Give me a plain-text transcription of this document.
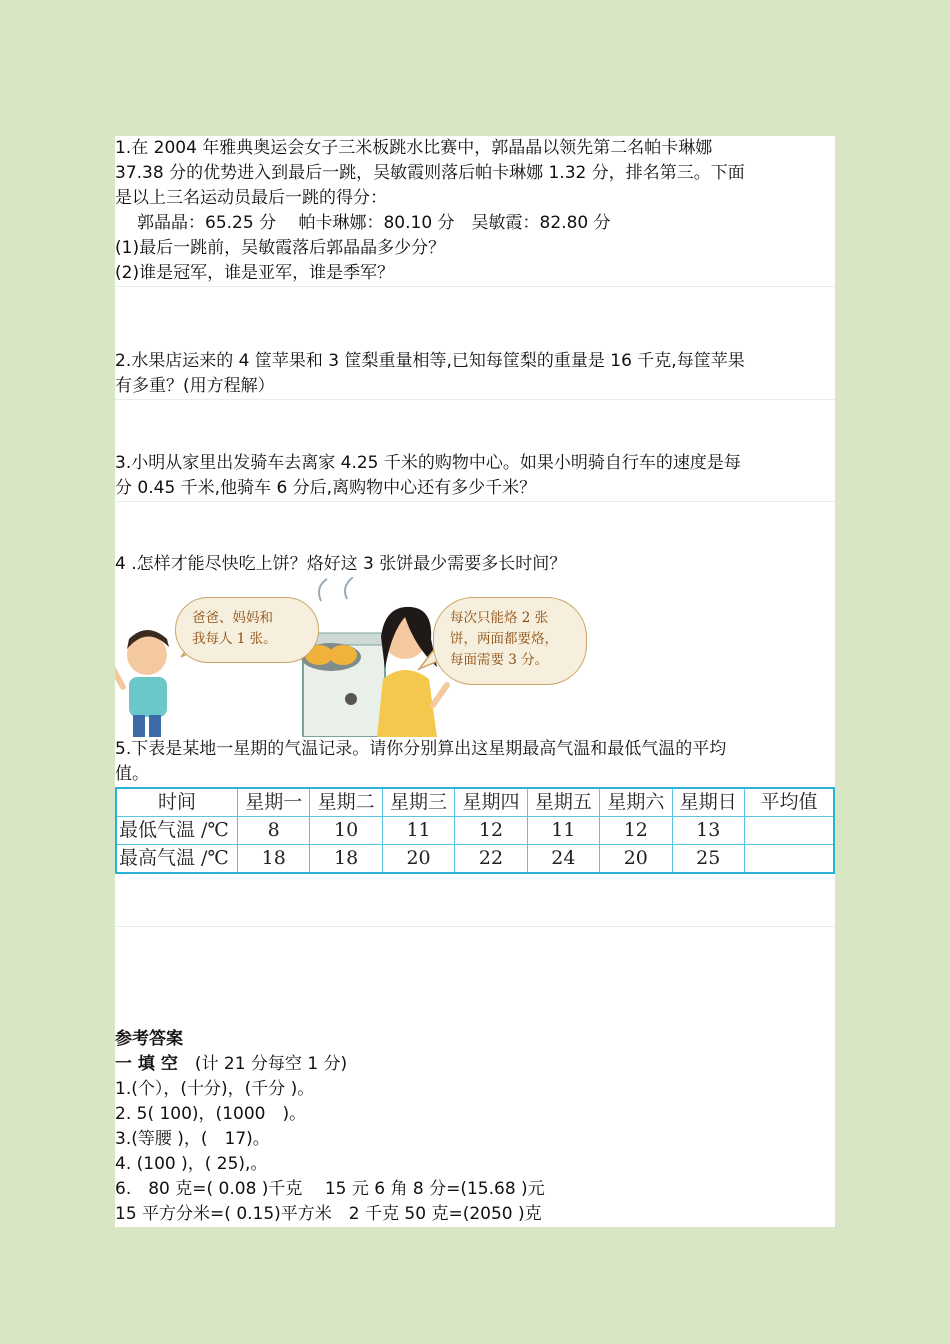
1.在 2004 年雅典奥运会女子三米板跳水比赛中，郭晶晶以领先第二名帕卡琳娜
37.38 分的优势进入到最后一跳，吴敏霞则落后帕卡琳娜 1.32 分，排名第三。下面
是以上三名运动员最后一跳的得分：
郭晶晶：65.25 分　 帕卡琳娜：80.10 分　吴敏霞：82.80 分
(1)最后一跳前，吴敏霞落后郭晶晶多少分？
(2)谁是冠军，谁是亚军，谁是季军？
2.水果店运来的 4 筐苹果和 3 筐梨重量相等,已知每筐梨的重量是 16 千克,每筐苹果
有多重？(用方程解）
3.小明从家里出发骑车去离家 4.25 千米的购物中心。如果小明骑自行车的速度是每
分 0.45 千米,他骑车 6 分后,离购物中心还有多少千米？
4 .怎样才能尽快吃上饼？烙好这 3 张饼最少需要多长时间？
爸爸、妈妈和
我每人 1 张。
每次只能烙 2 张
饼，两面都要烙，
每面需要 3 分。
5.下表是某地一星期的气温记录。请你分别算出这星期最高气温和最低气温的平均
值。
时间	星期一	星期二	星期三	星期四	星期五	星期六	星期日	平均值
最低气温 /℃	8	10	11	12	11	12	13	
最高气温 /℃	18	18	20	22	24	20	25	
参考答案
一 填 空　(计 21 分每空 1 分)
1.(个），(十分)，(千分 )。
2. 5( 100)，(1000　)。
3.(等腰 )，(　17)。
4. (100 )，( 25),。
6.　80 克=( 0.08 )千克　 15 元 6 角 8 分=(15.68 )元
15 平方分米=( 0.15)平方米　2 千克 50 克=(2050 )克
